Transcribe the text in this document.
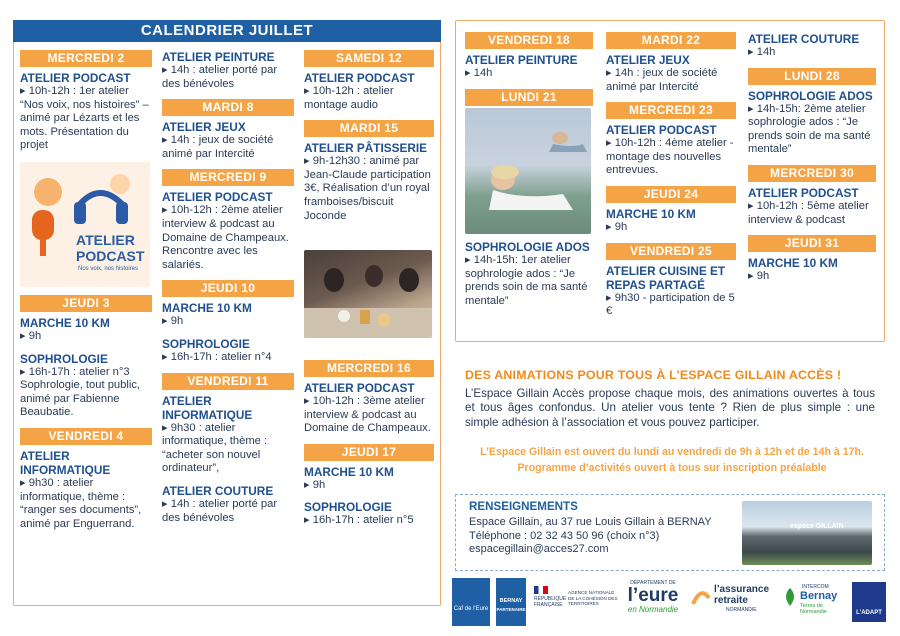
CALENDRIER JUILLET
MERCREDI 2
ATELIER PODCAST
▸ 10h-12h : 1er atelier “Nos voix, nos histoires” – animé par Lézarts et les mots. Présentation du projet
ATELIER
PODCAST
Nos voix, nos histoires
JEUDI 3
MARCHE 10 KM
▸ 9h
SOPHROLOGIE
▸ 16h-17h : atelier n°3 Sophrologie, tout public, animé par Fabienne Beaubatie.
VENDREDI 4
ATELIER INFORMATIQUE
▸ 9h30 : atelier informatique, thème : “ranger ses documents”, animé par Enguerrand.
ATELIER PEINTURE
▸ 14h : atelier porté par des bénévoles
MARDI 8
ATELIER JEUX
▸ 14h : jeux de société animé par Intercité
MERCREDI 9
ATELIER PODCAST
▸ 10h-12h : 2ème atelier interview & podcast au Domaine de Champeaux. Rencontre avec les salariés.
JEUDI 10
MARCHE 10 KM
▸ 9h
SOPHROLOGIE
▸ 16h-17h : atelier n°4
VENDREDI 11
ATELIER INFORMATIQUE
▸ 9h30 : atelier informatique, thème : “acheter son nouvel ordinateur”,
ATELIER COUTURE
▸ 14h : atelier porté par des bénévoles
SAMEDI 12
ATELIER PODCAST
▸ 10h-12h : atelier montage audio
MARDI 15
ATELIER PÂTISSERIE
▸ 9h-12h30 : animé par Jean-Claude participation 3€, Réalisation d’un royal framboises/biscuit Joconde
MERCREDI 16
ATELIER PODCAST
▸ 10h-12h : 3ème atelier interview & podcast au Domaine de Champeaux.
JEUDI 17
MARCHE 10 KM
▸ 9h
SOPHROLOGIE
▸ 16h-17h : atelier n°5
VENDREDI 18
ATELIER PEINTURE
▸ 14h
LUNDI 21
SOPHROLOGIE ADOS
▸ 14h-15h: 1er atelier sophrologie ados : “Je prends soin de ma santé mentale”
MARDI 22
ATELIER JEUX
▸ 14h : jeux de société animé par Intercité
MERCREDI 23
ATELIER PODCAST
▸ 10h-12h : 4ème atelier - montage des nouvelles entrevues.
JEUDI 24
MARCHE 10 KM
▸ 9h
VENDREDI 25
ATELIER CUISINE ET REPAS PARTAGÉ
▸ 9h30 - participation de 5 €
ATELIER COUTURE
▸ 14h
LUNDI 28
SOPHROLOGIE ADOS
▸ 14h-15h: 2ème atelier sophrologie ados : “Je prends soin de ma santé mentale”
MERCREDI 30
ATELIER PODCAST
▸ 10h-12h : 5ème atelier interview & podcast
JEUDI 31
MARCHE 10 KM
▸ 9h
DES ANIMATIONS POUR TOUS À L’ESPACE GILLAIN ACCÈS !
L’Espace Gillain Accès propose chaque mois, des animations ouvertes à tous et tous âges confondus. Un atelier vous tente ? Rien de plus simple : une simple adhésion à l’association et vous pouvez participer.
L’Espace Gillain est ouvert du lundi au vendredi de 9h à 12h et de 14h à 17h.
Programme d’activités ouvert à tous sur inscription préalable
RENSEIGNEMENTS
Espace Gillain, au 37 rue Louis Gillain à BERNAY
Téléphone : 02 32 43 50 96 (choix n°3)
espacegillain@acces27.com
espace GILLAIN
Caf de l'Eure
BERNAY
PARTENAIRE
RÉPUBLIQUE FRANÇAISE
AGENCE NATIONALE DE LA COHÉSION DES TERRITOIRES
DÉPARTEMENT DE
l’eure
en Normandie
l’assurance
retraite
NORMANDIE
INTERCOM
Bernay
Terres de Normandie	L'ADAPT
